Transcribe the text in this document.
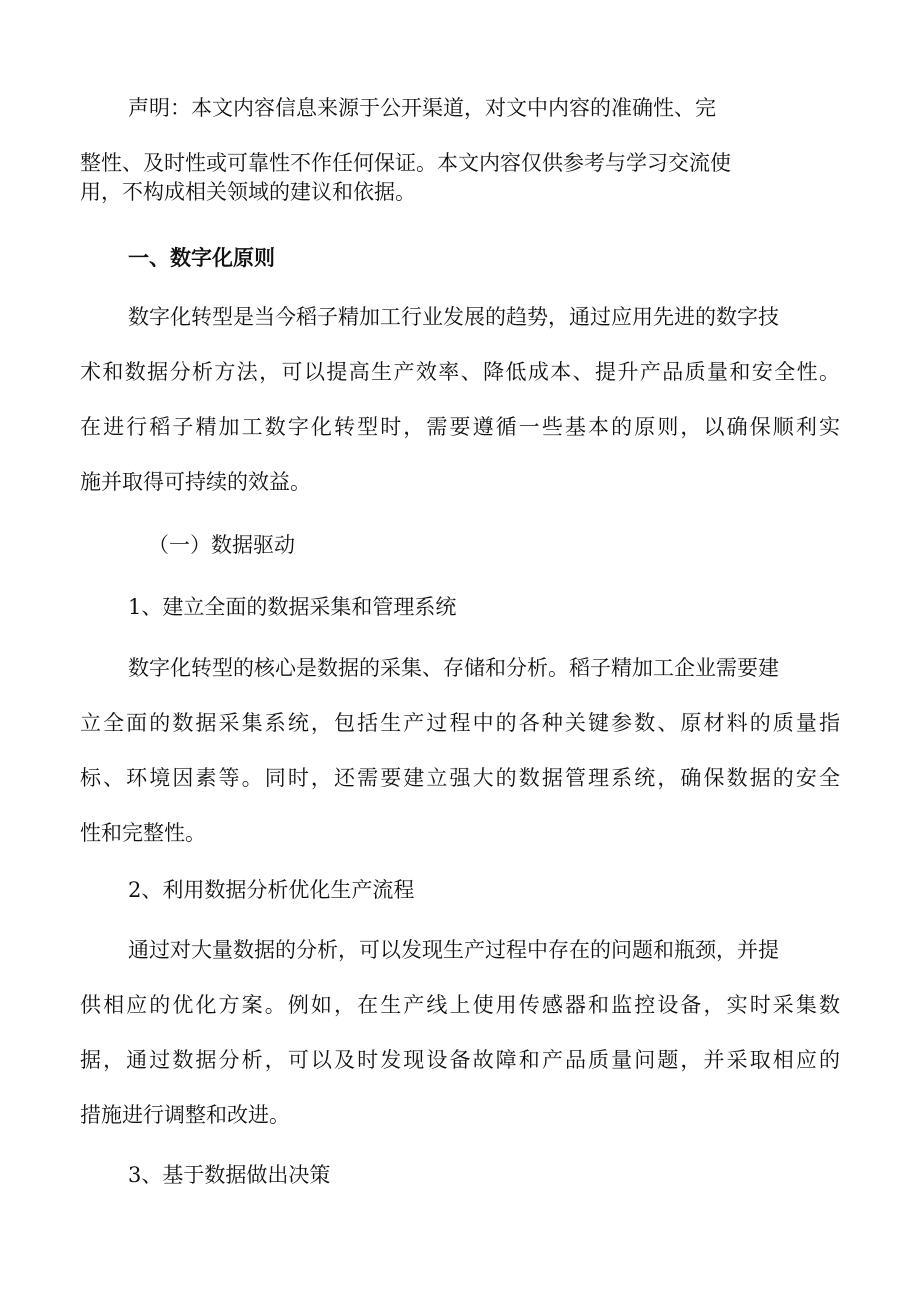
声明：本文内容信息来源于公开渠道，对文中内容的准确性、完

整性、及时性或可靠性不作任何保证。本文内容仅供参考与学习交流使

用，不构成相关领域的建议和依据。

一、数字化原则

数字化转型是当今稻子精加工行业发展的趋势，通过应用先进的数字技

术和数据分析方法，可以提高生产效率、降低成本、提升产品质量和安全性。

在进行稻子精加工数字化转型时，需要遵循一些基本的原则，以确保顺利实

施并取得可持续的效益。

（一）数据驱动

1、建立全面的数据采集和管理系统

数字化转型的核心是数据的采集、存储和分析。稻子精加工企业需要建

立全面的数据采集系统，包括生产过程中的各种关键参数、原材料的质量指

标、环境因素等。同时，还需要建立强大的数据管理系统，确保数据的安全

性和完整性。

2、利用数据分析优化生产流程

通过对大量数据的分析，可以发现生产过程中存在的问题和瓶颈，并提

供相应的优化方案。例如，在生产线上使用传感器和监控设备，实时采集数

据，通过数据分析，可以及时发现设备故障和产品质量问题，并采取相应的

措施进行调整和改进。

3、基于数据做出决策
